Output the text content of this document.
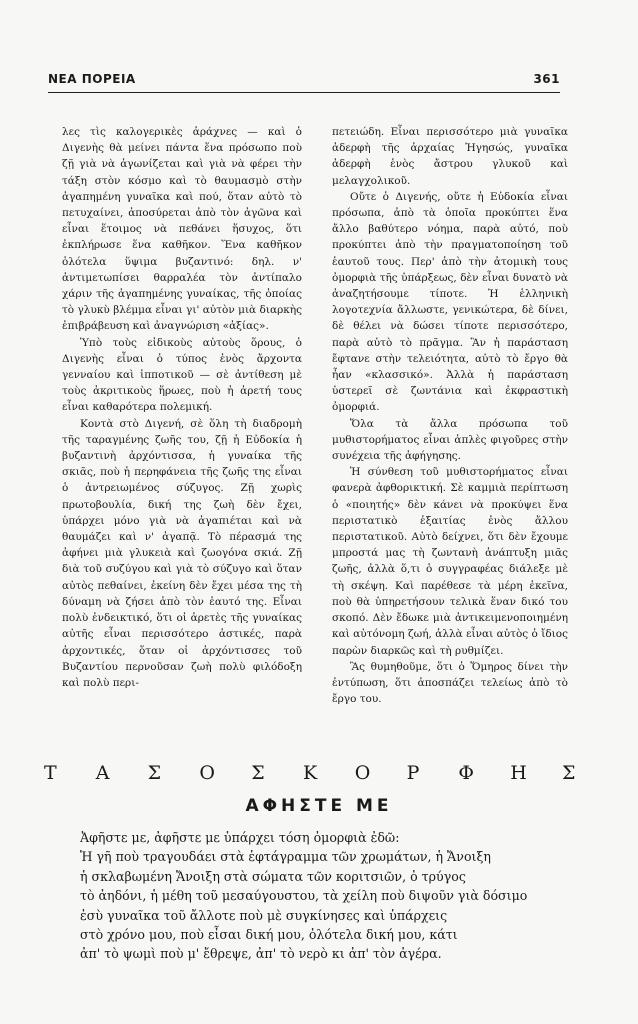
ΝΕΑ ΠΟΡΕΙΑ	361

λες τὶς καλογερικὲς ἀράχνες — καὶ ὁ Διγενὴς θὰ μείνει πάντα ἕνα πρόσωπο ποὺ ζῇ γιὰ νὰ ἀγωνίζεται καὶ γιὰ νὰ φέρει τὴν τάξη στὸν κόσμο καὶ τὸ θαυμασμὸ στὴν ἀγαπημένη γυναῖκα καὶ πού, ὅταν αὐτὸ τὸ πετυχαίνει, ἀποσύρεται ἀπὸ τὸν ἀγῶνα καὶ εἶναι ἕτοιμος νὰ πεθάνει ἥσυχος, ὅτι ἐκπλήρωσε ἕνα καθῆκον. Ἕνα καθῆκον ὁλότελα ὕψιμα βυζαντινό: δηλ. ν' ἀντιμετωπίσει θαρραλέα τὸν ἀντίπαλο χάριν τῆς ἀγαπημένης γυναίκας, τῆς ὁποίας τὸ γλυκὺ βλέμμα εἶναι γι' αὐτὸν μιὰ διαρκὴς ἐπιβράβευση καὶ ἀναγνώριση «ἀξίας».

Ὑπὸ τοὺς εἰδικοὺς αὐτοὺς ὅρους, ὁ Διγενὴς εἶναι ὁ τύπος ἑνὸς ἄρχοντα γενναίου καὶ ἱπποτικοῦ — σὲ ἀντίθεση μὲ τοὺς ἀκριτικοὺς ἥρωες, ποὺ ἡ ἀρετή τους εἶναι καθαρότερα πολεμική.

Κοντὰ στὸ Διγενή, σὲ ὅλη τὴ διαδρομὴ τῆς ταραγμένης ζωῆς του, ζῇ ἡ Εὐδοκία ἡ βυζαντινὴ ἀρχόντισσα, ἡ γυναίκα τῆς σκιᾶς, ποὺ ἡ περηφάνεια τῆς ζωῆς της εἶναι ὁ ἀντρειωμένος σύζυγος. Ζῇ χωρὶς πρωτοβουλία, δική της ζωὴ δὲν ἔχει, ὑπάρχει μόνο γιὰ νὰ ἀγαπιέται καὶ νὰ θαυμάζει καὶ ν' ἀγαπᾷ. Τὸ πέρασμά της ἀφήνει μιὰ γλυκειὰ καὶ ζωογόνα σκιά. Ζῇ διὰ τοῦ συζύγου καὶ γιὰ τὸ σύζυγο καὶ ὅταν αὐτὸς πεθαίνει, ἐκείνη δὲν ἔχει μέσα της τὴ δύναμη νὰ ζήσει ἀπὸ τὸν ἑαυτό της. Εἶναι πολὺ ἐνδεικτικό, ὅτι οἱ ἀρετὲς τῆς γυναίκας αὐτῆς εἶναι περισσότερο ἀστικές, παρὰ ἀρχοντικές, ὅταν οἱ ἀρχόντισσες τοῦ Βυζαντίου περνοῦσαν ζωὴ πολὺ φιλόδοξη καὶ πολὺ περι-

πετειώδη. Εἶναι περισσότερο μιὰ γυναῖκα ἀδερφὴ τῆς ἀρχαίας Ἠγησώς, γυναῖκα ἀδερφὴ ἑνὸς ἄστρου γλυκοῦ καὶ μελαγχολικοῦ.

Οὔτε ὁ Διγενής, οὔτε ἡ Εὐδοκία εἶναι πρόσωπα, ἀπὸ τὰ ὁποῖα προκύπτει ἕνα ἄλλο βαθύτερο νόημα, παρὰ αὐτό, ποὺ προκύπτει ἀπὸ τὴν πραγματοποίηση τοῦ ἑαυτοῦ τους. Περ' ἀπὸ τὴν ἀτομικὴ τους ὀμορφιὰ τῆς ὑπάρξεως, δὲν εἶναι δυνατὸ νὰ ἀναζητήσουμε τίποτε. Ἡ ἑλληνικὴ λογοτεχνία ἄλλωστε, γενικώτερα, δὲ δίνει, δὲ θέλει νὰ δώσει τίποτε περισσότερο, παρὰ αὐτὸ τὸ πρᾶγμα. Ἂν ἡ παράσταση ἔφτανε στὴν τελειότητα, αὐτὸ τὸ ἔργο θὰ ἦαν «κλασσικό». Ἀλλὰ ἡ παράσταση ὑστερεῖ σὲ ζωντάνια καὶ ἐκφραστικὴ ὀμορφιά.

Ὅλα τὰ ἄλλα πρόσωπα τοῦ μυθιστορήματος εἶναι ἁπλὲς φιγοῦρες στὴν συνέχεια τῆς ἀφήγησης.

Ἡ σύνθεση τοῦ μυθιστορήματος εἶναι φανερὰ ἀφθορικτική. Σὲ καμμιὰ περίπτωση ὁ «ποιητής» δὲν κάνει νὰ προκύψει ἕνα περιστατικὸ ἐξαιτίας ἑνὸς ἄλλου περιστατικοῦ. Αὐτὸ δείχνει, ὅτι δὲν ἔχουμε μπροστά μας τὴ ζωντανὴ ἀνάπτυξη μιᾶς ζωῆς, ἀλλὰ ὅ,τι ὁ συγγραφέας διάλεξε μὲ τὴ σκέψη. Καὶ παρέθεσε τὰ μέρη ἐκεῖνα, ποὺ θὰ ὑπηρετήσουν τελικὰ ἕναν δικό του σκοπό. Δὲν ἔδωκε μιὰ ἀντικειμενοποιημένη καὶ αὐτόνομη ζωή, ἀλλὰ εἶναι αὐτὸς ὁ ἴδιος παρὼν διαρκῶς καὶ τὴ ρυθμίζει.

Ἂς θυμηθοῦμε, ὅτι ὁ Ὅμηρος δίνει τὴν ἐντύπωση, ὅτι ἀποσπάζει τελείως ἀπὸ τὸ ἔργο του.

Τ Α Σ Ο Σ Κ Ο Ρ Φ Η Σ
ΑΦΗΣΤΕ ΜΕ
Ἀφῆστε με, ἀφῆστε με ὑπάρχει τόση ὀμορφιὰ ἐδῶ:
Ἡ γῆ ποὺ τραγουδάει στὰ ἑφτάγραμμα τῶν χρωμάτων, ἡ Ἄνοιξη
ἡ σκλαβωμένη Ἄνοιξη στὰ σώματα τῶν κοριτσιῶν, ὁ τρύγος
τὸ ἀηδόνι, ἡ μέθη τοῦ μεσαύγουστου, τὰ χείλη ποὺ διψοῦν γιὰ δόσιμο
ἐσὺ γυναῖκα τοῦ ἄλλοτε ποὺ μὲ συγκίνησες καὶ ὑπάρχεις
στὸ χρόνο μου, ποὺ εἶσαι δική μου, ὁλότελα δική μου, κάτι
ἀπ' τὸ ψωμὶ ποὺ μ' ἔθρεψε, ἀπ' τὸ νερὸ κι ἀπ' τὸν ἀγέρα.
